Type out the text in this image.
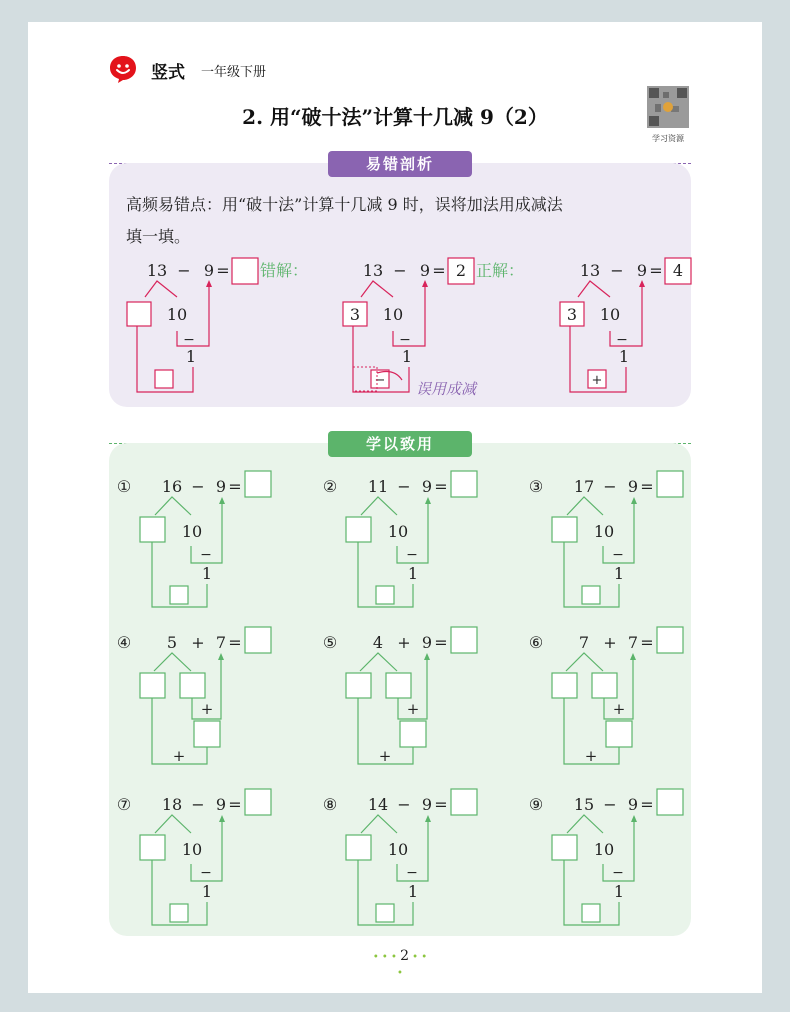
竖式 一年级下册
2. 用“破十法”计算十几减 9（2）
学习资源
易错剖析
高频易错点：用“破十法”计算十几减 9 时，误将加法用成减法
填一填。
学以致用
13 − 9 =
10
−
1
13 − 9 = 2
3 10
−
1
−
13 − 9 = 4
3 10
−
1
+
错解：	正解：
误用成减
① 16 − 9 =
10
−
1
② 11 − 9 =
10
−
1
③ 17 − 9 =
10
−
1
④ 5 + 7 =
+
+
⑤ 4 + 9 =
+
+
⑥ 7 + 7 =
+
+
⑦ 18 − 9 =
10
−
1
⑧ 14 − 9 =
10
−
1
⑨ 15 − 9 =
10
−
1
• • • 2 • • •
